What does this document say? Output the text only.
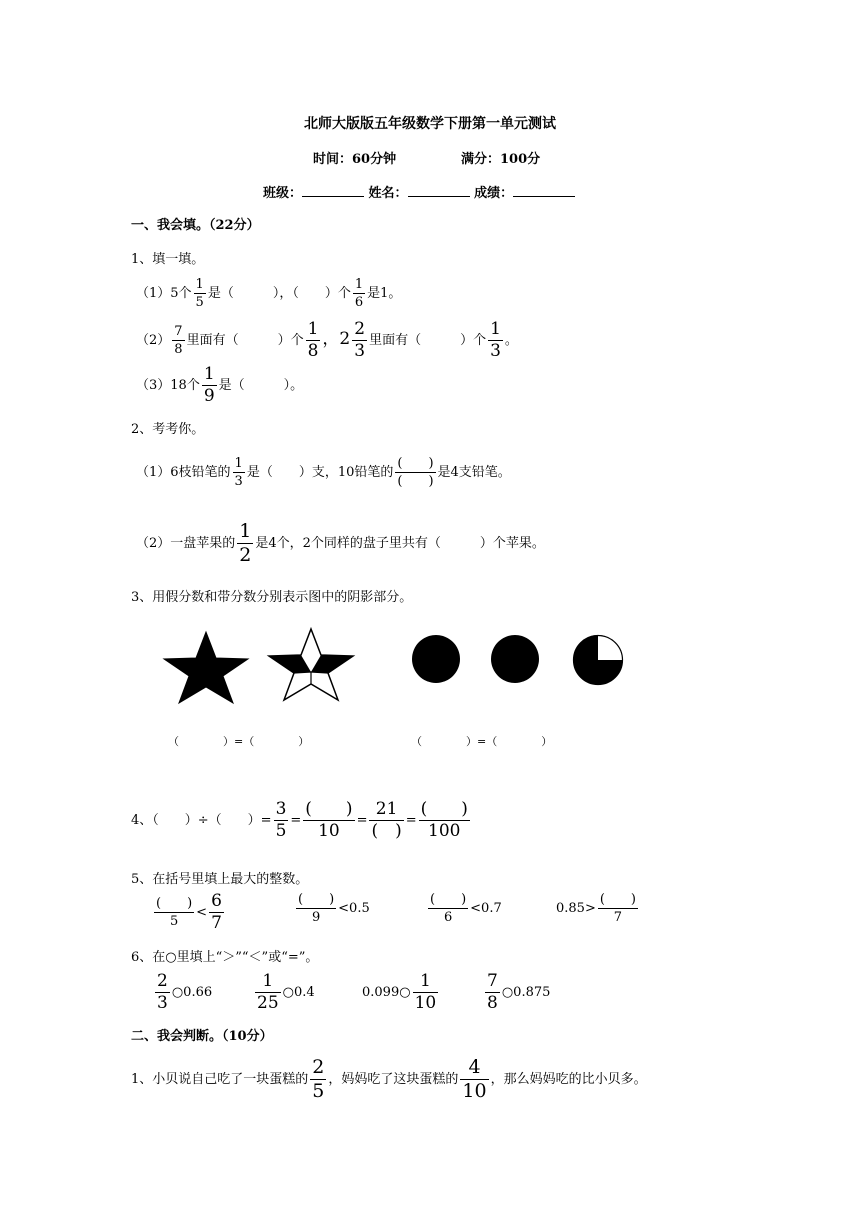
北师大版版五年级数学下册第一单元测试
时间：60分钟	满分：100分
班级：	姓名：	成绩：
一、我会填。（22分）
1、填一填。
（1）5个 $\frac{1}{5}$ 是（　　　），（　　）个 $\frac{1}{6}$ 是1。
$(2) \frac{7}{8}$ 里面有（　　　）个 $\frac{1}{8}$ ，$2 \frac{2}{3}$ 里面有（　　　）个 $\frac{1}{3}$ 。
（3）18个 $\frac{1}{9}$ 是（　　　）。
2、考考你。
（1）6枝铅笔的 $\frac{1}{3}$ 是（　　）支，10铅笔的 $\frac{( )}{( )}$ 是4支铅笔。
（2）一盘苹果的 $\frac{1}{2}$ 是4个，2个同样的盘子里共有（　　　）个苹果。
3、用假分数和带分数分别表示图中的阴影部分。
（　　　　）=（　　　　）	（　　　　）=（　　　　）
4、（　　）÷（　　）= $\frac{3}{5} = \frac{( )}{10} = \frac{21}{( )} = \frac{( )}{100}$
5、在括号里填上最大的整数。
$\frac{( )}{5} < \frac{6}{7}$	$\frac{( )}{9} <0.5$	$\frac{( )}{6} <0.7$	$0.85> \frac{( )}{7}$
6、在○里填上“＞”“＜”或“=”。
$\frac{2}{3}$ ○0.66	$\frac{1}{25}$ ○0.4	0.099○ $\frac{1}{10}$	$\frac{7}{8}$ ○0.875
二、我会判断。（10分）
1、小贝说自己吃了一块蛋糕的 $\frac{2}{5}$ ，妈妈吃了这块蛋糕的 $\frac{4}{10}$ ，那么妈妈吃的比小贝多。
